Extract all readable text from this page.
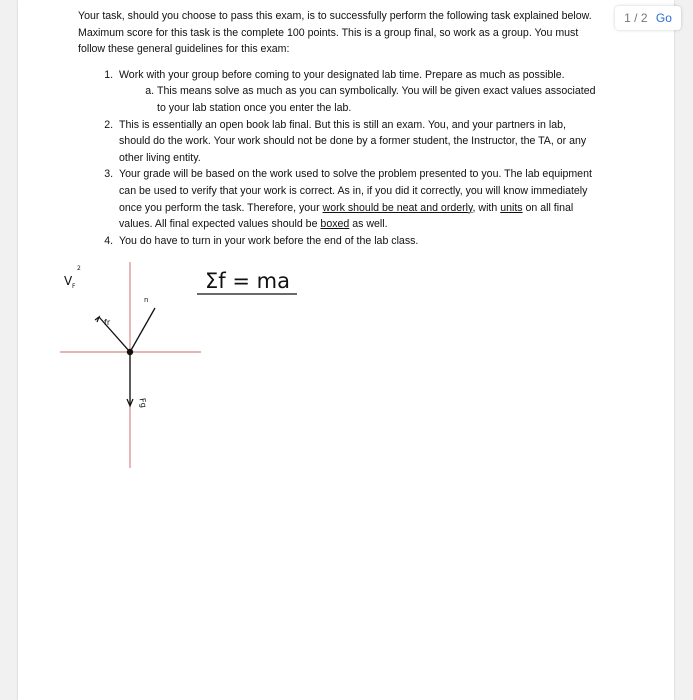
1 / 2 Go

Your task, should you choose to pass this exam, is to successfully perform the following task explained below. Maximum score for this task is the complete 100 points. This is a group final, so work as a group. You must follow these general guidelines for this exam:

1. Work with your group before coming to your designated lab time. Prepare as much as possible.
a. This means solve as much as you can symbolically. You will be given exact values associated to your lab station once you enter the lab.
2. This is essentially an open book lab final. But this is still an exam. You, and your partners in lab, should do the work. Your work should not be done by a former student, the Instructor, the TA, or any other living entity.
3. Your grade will be based on the work used to solve the problem presented to you. The lab equipment can be used to verify that your work is correct. As in, if you did it correctly, you will know immediately once you perform the task. Therefore, your work should be neat and orderly, with units on all final values. All final expected values should be boxed as well.
4. You do have to turn in your work before the end of the lab class.
V F
2
Σf = ma
n
fr
Fg
